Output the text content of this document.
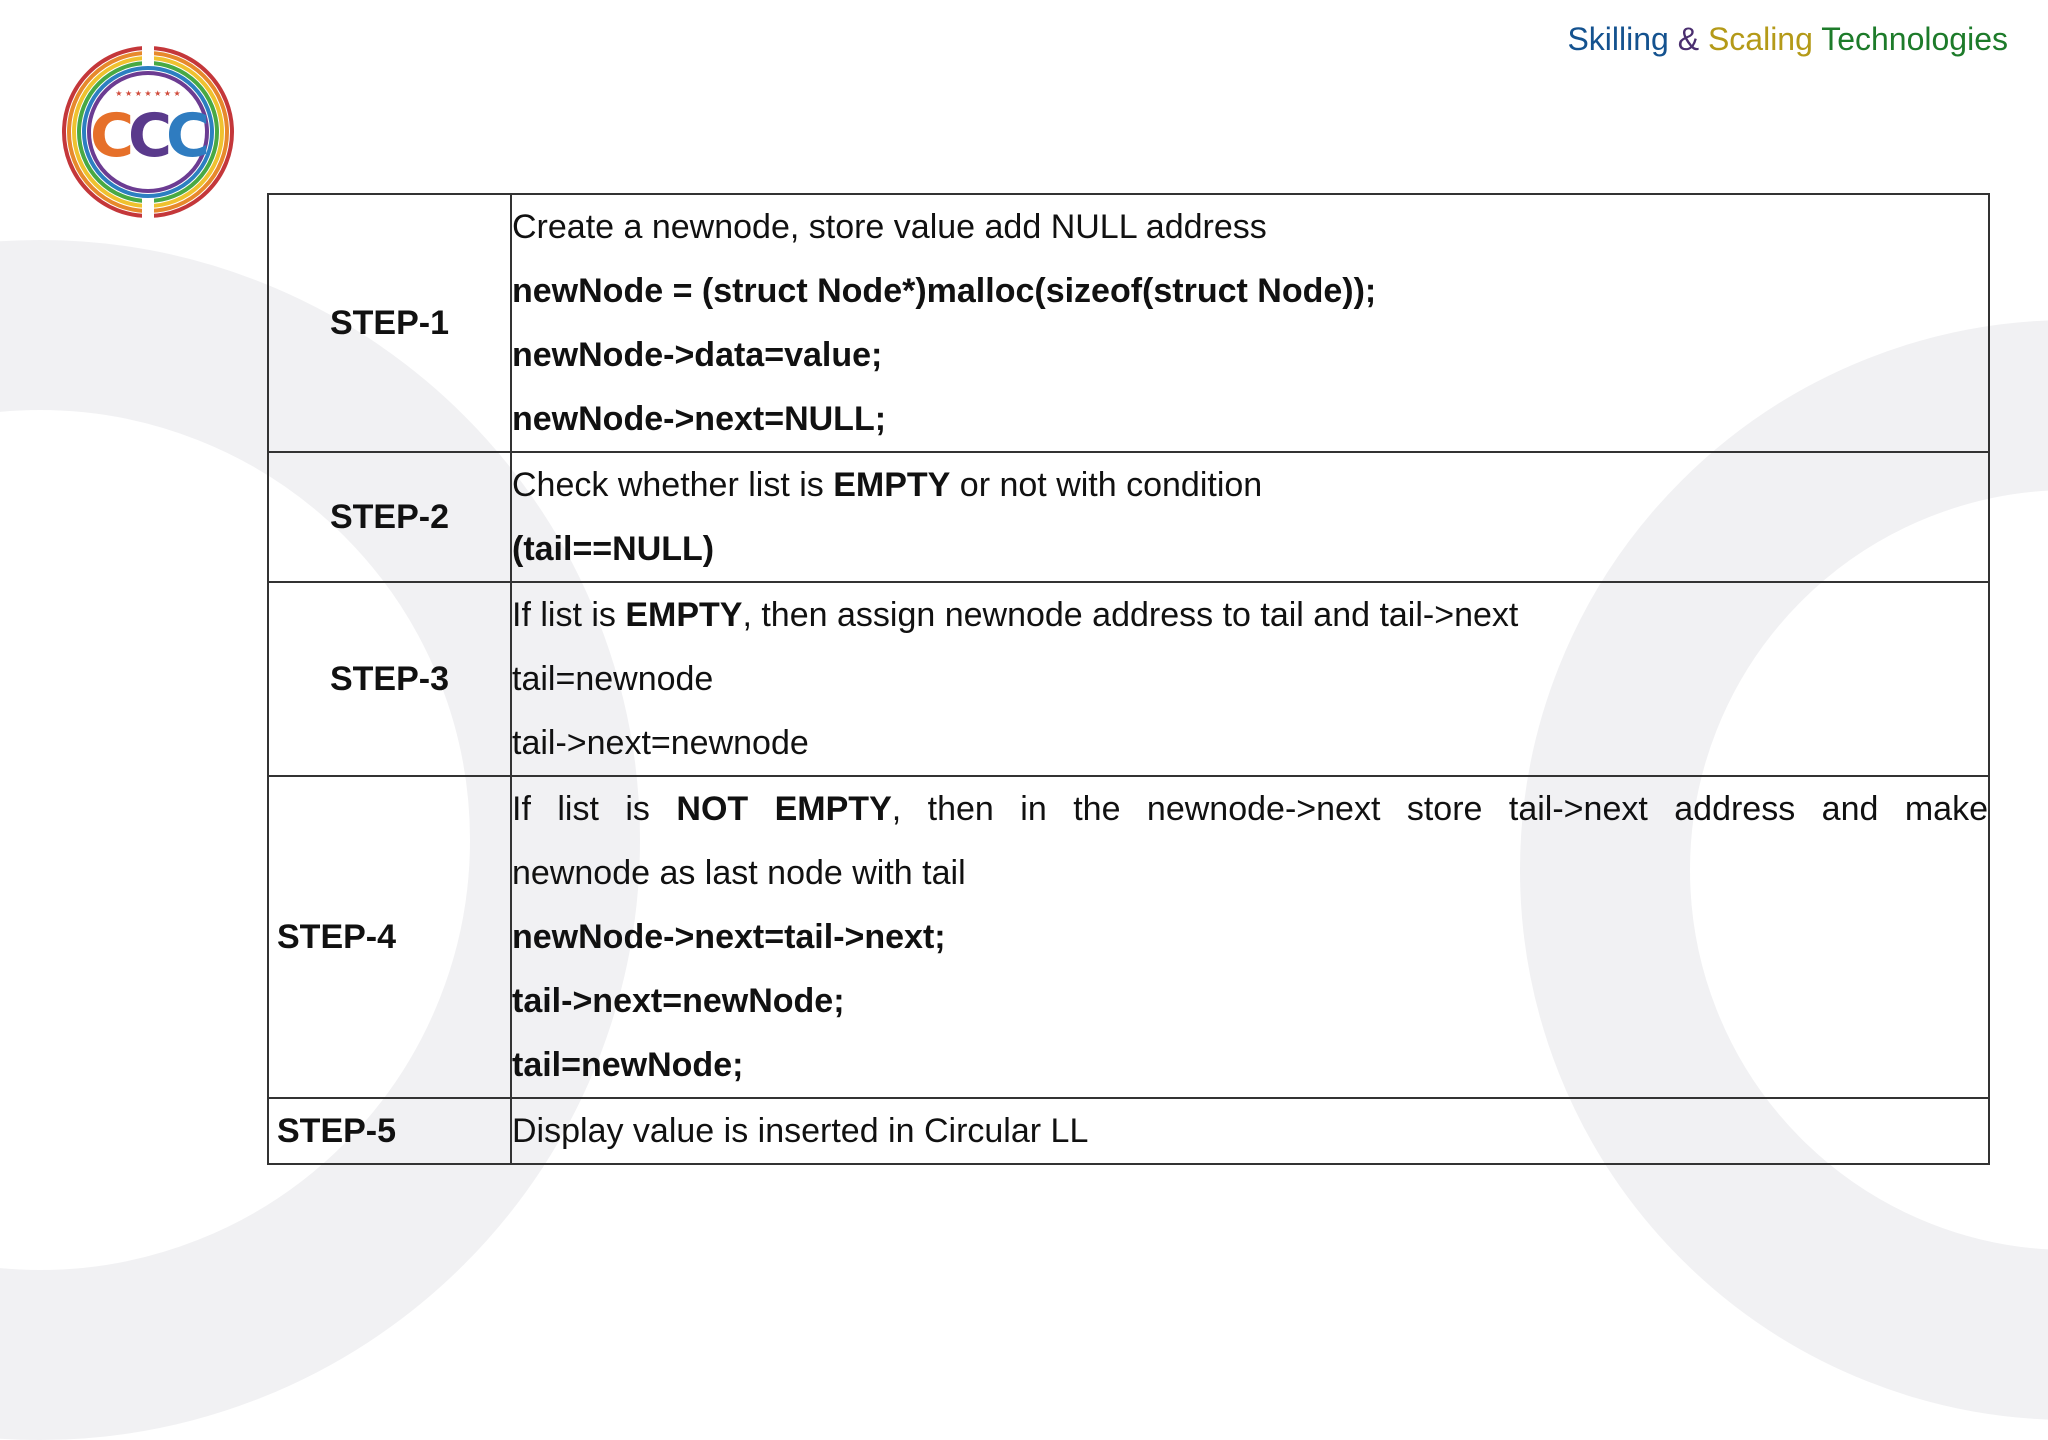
★ ★ ★ ★ ★ ★ ★
C
C
C
Skilling & Scaling Technologies
STEP-1	Create a newnode, store value add NULL address
newNode = (struct Node*)malloc(sizeof(struct Node));
newNode->data=value;
newNode->next=NULL;

STEP-2	Check whether list is EMPTY or not with condition
(tail==NULL)

STEP-3	If list is EMPTY, then assign newnode address to tail and tail->next
tail=newnode
tail->next=newnode

STEP-4	If list is NOT EMPTY, then in the newnode->next store tail->next address and make
newnode as last node with tail
newNode->next=tail->next;
tail->next=newNode;
tail=newNode;

STEP-5	Display value is inserted in Circular LL
